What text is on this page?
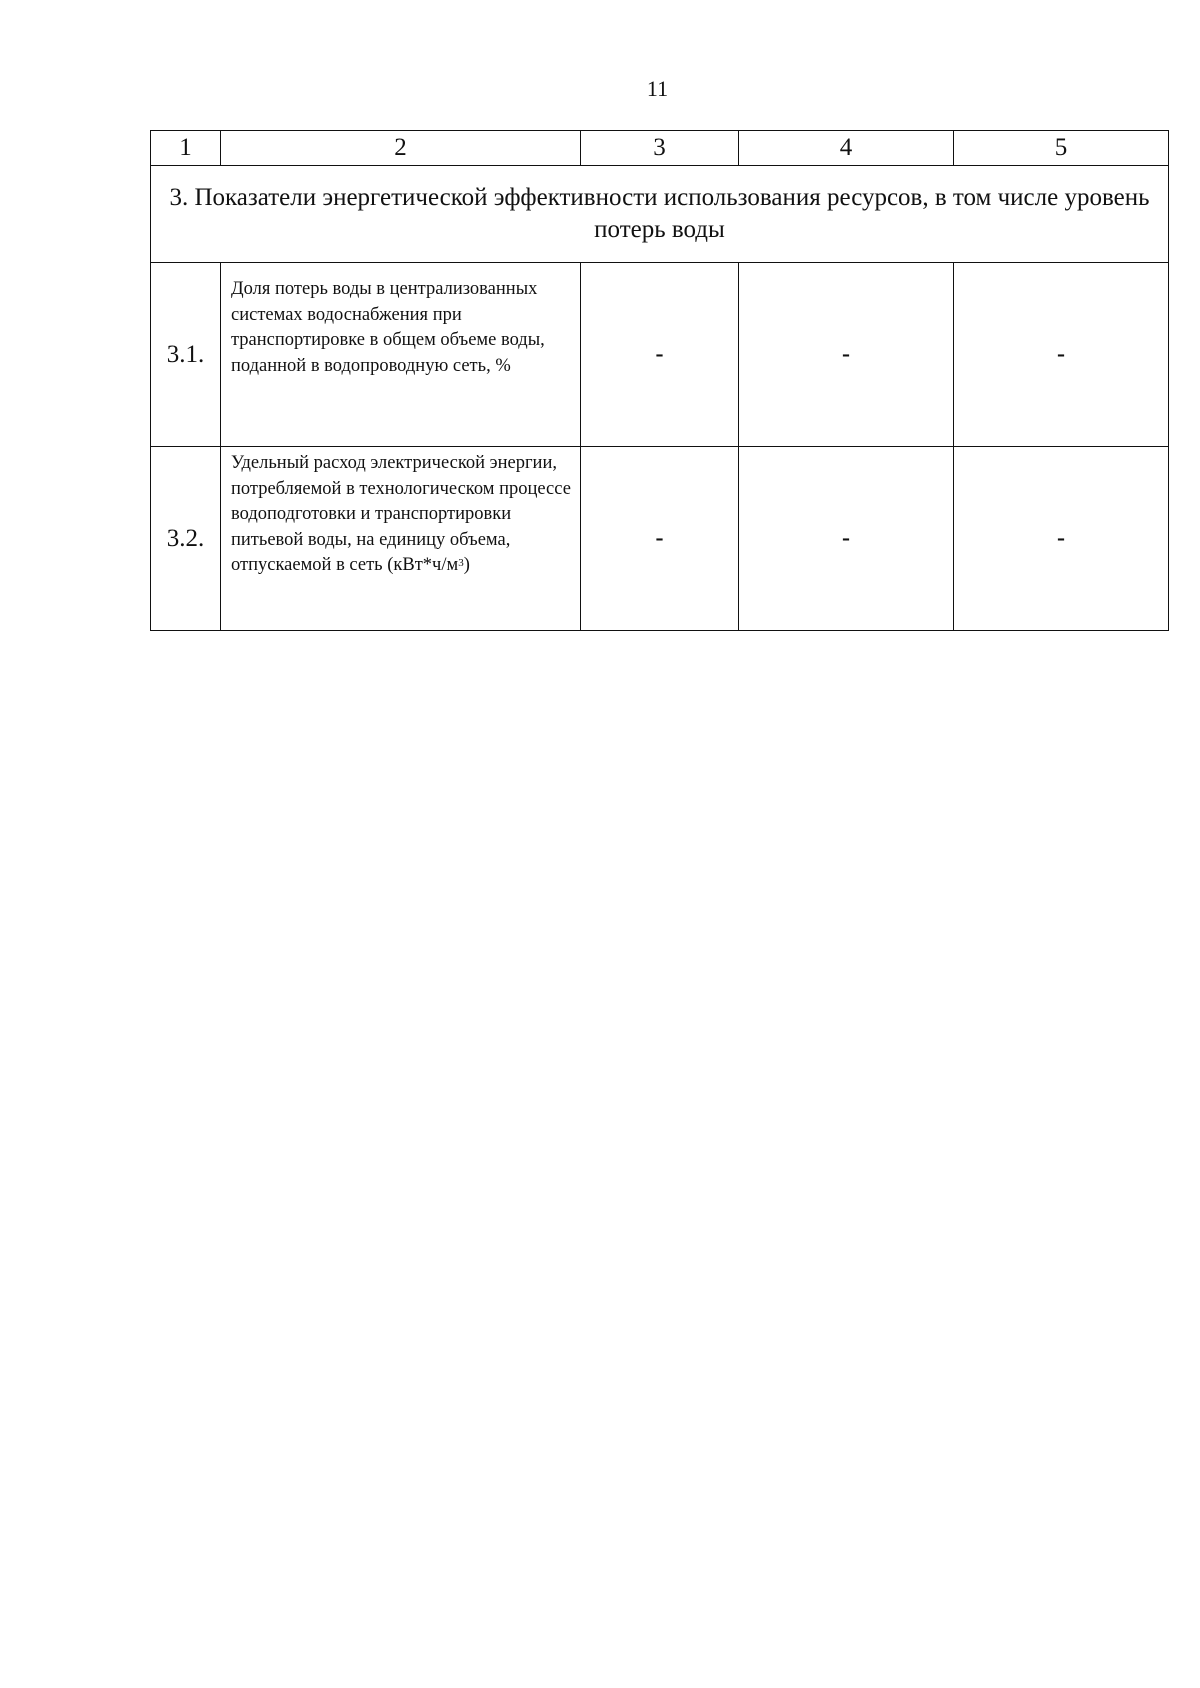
11
1	2	3	4	5
3. Показатели энергетической эффективности использования ресурсов, в том числе уровень потерь воды				
3.1.	Доля потерь воды в централизованных системах водоснабжения при транспортировке в общем объеме воды, поданной в водопроводную сеть, %	-	-	-
3.2.	Удельный расход электрической энергии, потребляемой в технологическом процессе водоподготовки и транспортировки питьевой воды, на единицу объема, отпускаемой в сеть $(кВт*ч/м^3)$	-	-	-
